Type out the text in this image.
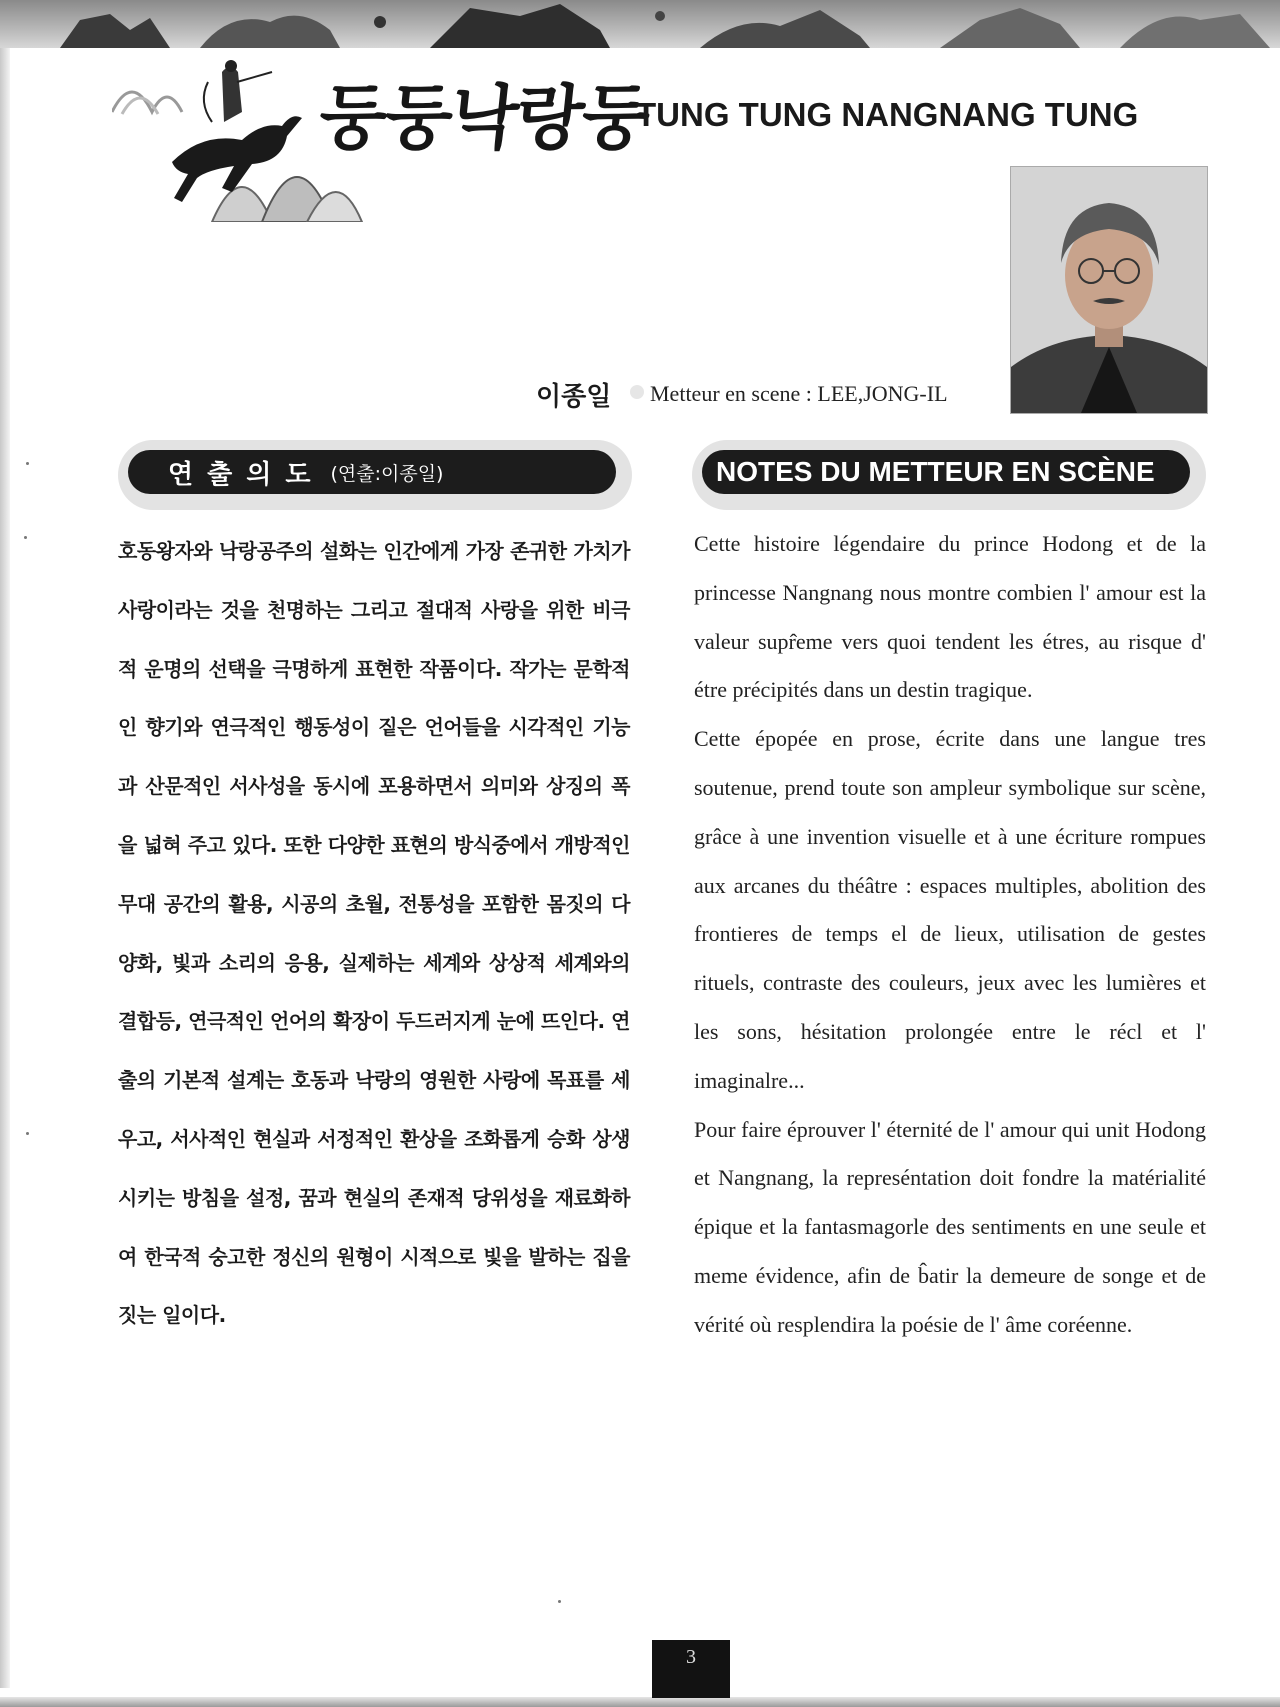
둥둥낙랑둥
TUNG TUNG NANGNANG TUNG
이종일 Metteur en scene : LEE,JONG-IL
연출의도 (연출:이종일)	NOTES DU METTEUR EN SCÈNE
호동왕자와 낙랑공주의 설화는 인간에게 가장 존귀한 가치가 사랑이라는 것을 천명하는 그리고 절대적 사랑을 위한 비극적 운명의 선택을 극명하게 표현한 작품이다. 작가는 문학적인 향기와 연극적인 행동성이 짙은 언어들을 시각적인 기능과 산문적인 서사성을 동시에 포용하면서 의미와 상징의 폭을 넓혀 주고 있다. 또한 다양한 표현의 방식중에서 개방적인 무대 공간의 활용, 시공의 초월, 전통성을 포함한 몸짓의 다양화, 빛과 소리의 응용, 실제하는 세계와 상상적 세계와의 결합등, 연극적인 언어의 확장이 두드러지게 눈에 뜨인다. 연출의 기본적 설계는 호동과 낙랑의 영원한 사랑에 목표를 세우고, 서사적인 현실과 서정적인 환상을 조화롭게 승화 상생 시키는 방침을 설정, 꿈과 현실의 존재적 당위성을 재료화하여 한국적 숭고한 정신의 원형이 시적으로 빛을 발하는 집을 짓는 일이다.

Cette histoire légendaire du prince Hodong et de la princesse Nangnang nous montre combien l' amour est la valeur supr̂eme vers quoi tendent les étres, au risque d' étre précipités dans un destin tragique.

Cette épopée en prose, écrite dans une langue tres soutenue, prend toute son ampleur symbolique sur scène, grâce à une invention visuelle et à une écriture rompues aux arcanes du théâtre : espaces multiples, abolition des frontieres de temps el de lieux, utilisation de gestes rituels, contraste des couleurs, jeux avec les lumières et les sons, hésitation prolongée entre le récl et l' imaginalre...

Pour faire éprouver l' éternité de l' amour qui unit Hodong et Nangnang, la represéntation doit fondre la matérialité épique et la fantasmagorle des sentiments en une seule et meme évidence, afin de b̂atir la demeure de songe et de vérité où resplendira la poésie de l' âme coréenne.

3
